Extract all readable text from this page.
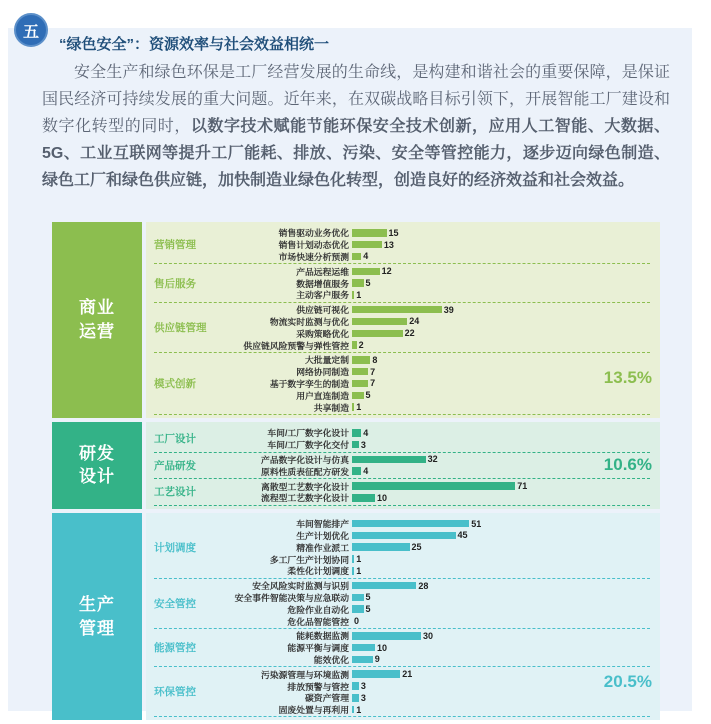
五
“绿色安全”：资源效率与社会效益相统一

安全生产和绿色环保是工厂经营发展的生命线，是构建和谐社会的重要保障，是保证国民经济可持续发展的重大问题。近年来，在双碳战略目标引领下，开展智能工厂建设和数字化转型的同时，以数字技术赋能节能环保安全技术创新，应用人工智能、大数据、5G、工业互联网等提升工厂能耗、排放、污染、安全等管控能力，逐步迈向绿色制造、绿色工厂和绿色供应链，加快制造业绿色化转型，创造良好的经济效益和社会效益。

商业运营
营销管理
销售驱动业务优化	15
销售计划动态优化	13
市场快速分析预测	4
售后服务
产品远程运维	12
数据增值服务	5
主动客户服务 1
供应链管理
供应链可视化	39
物流实时监测与优化	24
采购策略优化	22
供应链风险预警与弹性管控	2
模式创新
大批量定制	8
网络协同制造	7
基于数字孪生的制造	7
用户直连制造	5
共享制造 1
13.5%
研发设计
工厂设计	车间/工厂数字化设计	4
车间/工厂数字化交付	3
产品研发	产品数字化设计与仿真	32
原料性质表征配方研发	4
工艺设计	离散型工艺数字化设计	71
流程型工艺数字化设计	10
10.6%
生产管理
计划调度
车间智能排产	51
生产计划优化	45
精准作业派工	25
多工厂生产计划协同 1
柔性化计划调度 1
安全管控
安全风险实时监测与识别	28
安全事件智能决策与应急联动	5
危险作业自动化	5
危化品智能管控 0
能源管控
能耗数据监测	30
能源平衡与调度	10
能效优化	9
环保管控
污染源管理与环境监测	21
排放预警与管控	3
碳资产管理	3
固废处置与再利用 1
20.5%
